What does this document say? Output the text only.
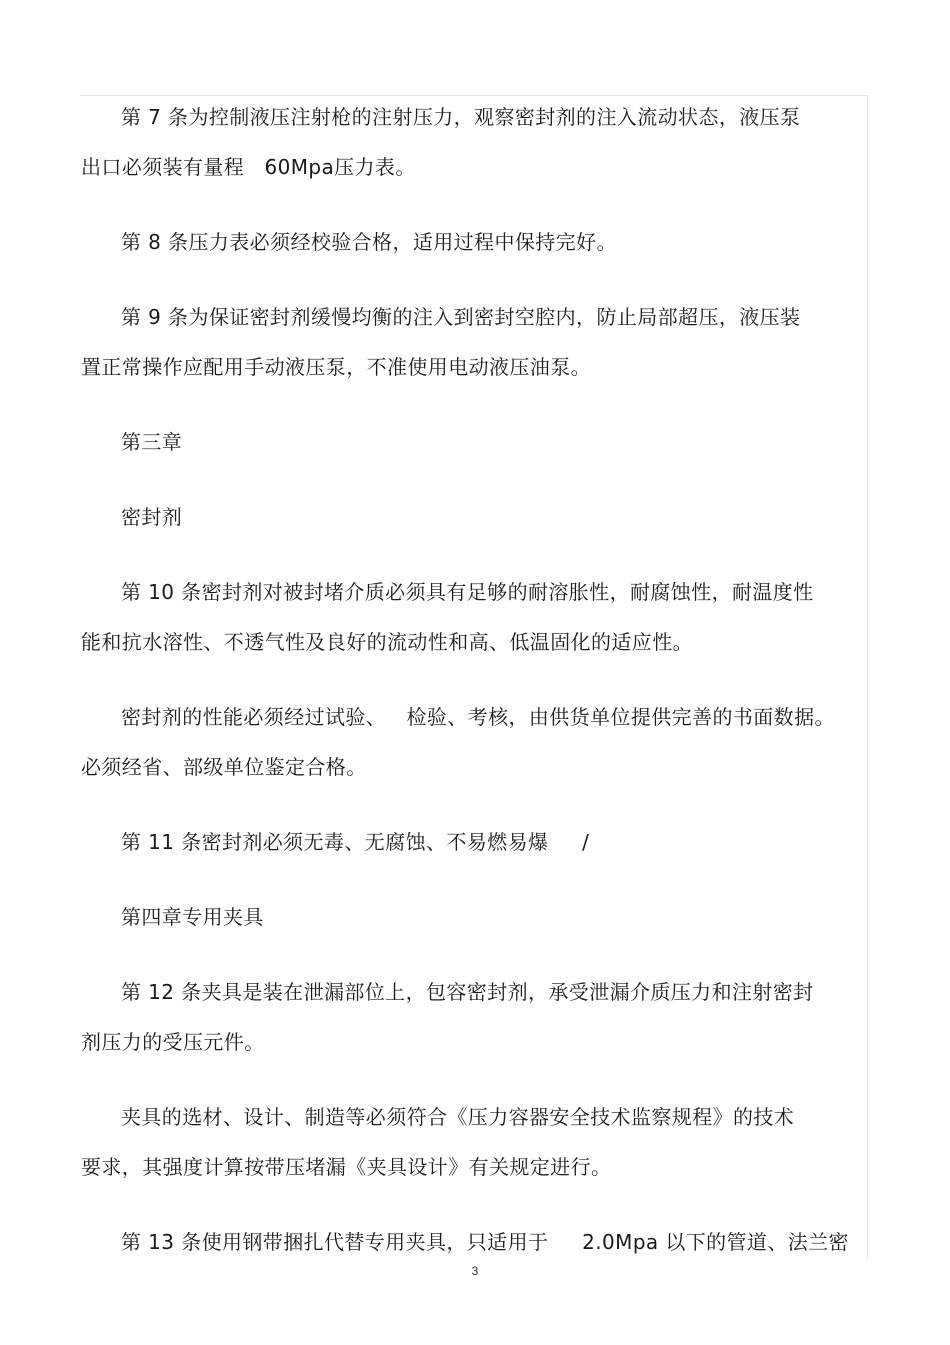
第 7 条为控制液压注射枪的注射压力，观察密封剂的注入流动状态，液压泵
出口必须装有量程   60Mpa压力表。
第 8 条压力表必须经校验合格，适用过程中保持完好。
第 9 条为保证密封剂缓慢均衡的注入到密封空腔内，防止局部超压，液压装
置正常操作应配用手动液压泵，不准使用电动液压油泵。
第三章
密封剂
第 10 条密封剂对被封堵介质必须具有足够的耐溶胀性，耐腐蚀性，耐温度性
能和抗水溶性、不透气性及良好的流动性和高、低温固化的适应性。
密封剂的性能必须经过试验、   检验、考核，由供货单位提供完善的书面数据。
必须经省、部级单位鉴定合格。
第 11 条密封剂必须无毒、无腐蚀、不易燃易爆     /
第四章专用夹具
第 12 条夹具是装在泄漏部位上，包容密封剂，承受泄漏介质压力和注射密封
剂压力的受压元件。
夹具的选材、设计、制造等必须符合《压力容器安全技术监察规程》的技术
要求，其强度计算按带压堵漏《夹具设计》有关规定进行。
第 13 条使用钢带捆扎代替专用夹具，只适用于     2.0Mpa 以下的管道、法兰密
3
